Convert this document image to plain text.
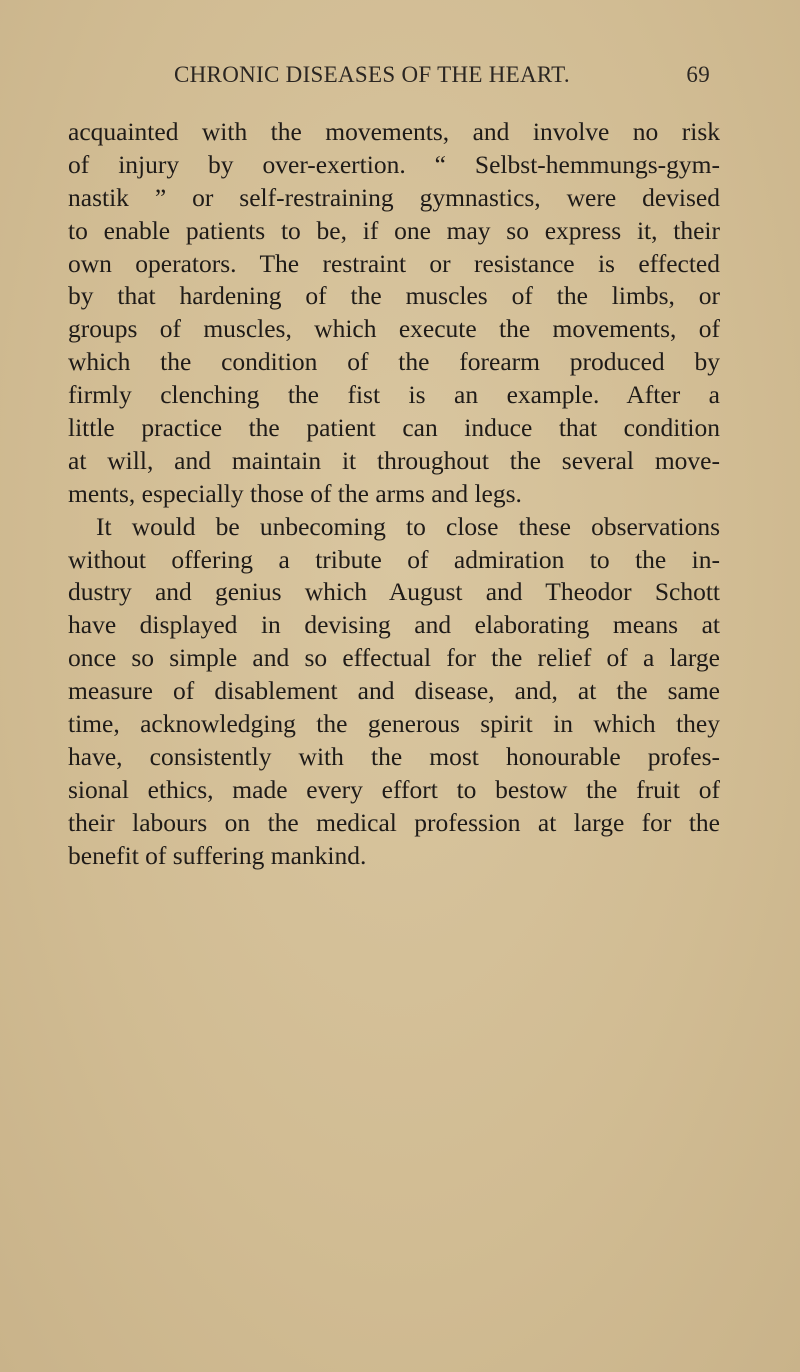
CHRONIC DISEASES OF THE HEART.	69
acquainted with the movements, and involve no risk
of injury by over-exertion. “ Selbst-hemmungs-gym-
nastik ” or self-restraining gymnastics, were devised
to enable patients to be, if one may so express it, their
own operators. The restraint or resistance is effected
by that hardening of the muscles of the limbs, or
groups of muscles, which execute the movements, of
which the condition of the forearm produced by
firmly clenching the fist is an example. After a
little practice the patient can induce that condition
at will, and maintain it throughout the several move-
ments, especially those of the arms and legs.
It would be unbecoming to close these observations
without offering a tribute of admiration to the in-
dustry and genius which August and Theodor Schott
have displayed in devising and elaborating means at
once so simple and so effectual for the relief of a large
measure of disablement and disease, and, at the same
time, acknowledging the generous spirit in which they
have, consistently with the most honourable profes-
sional ethics, made every effort to bestow the fruit of
their labours on the medical profession at large for the
benefit of suffering mankind.
